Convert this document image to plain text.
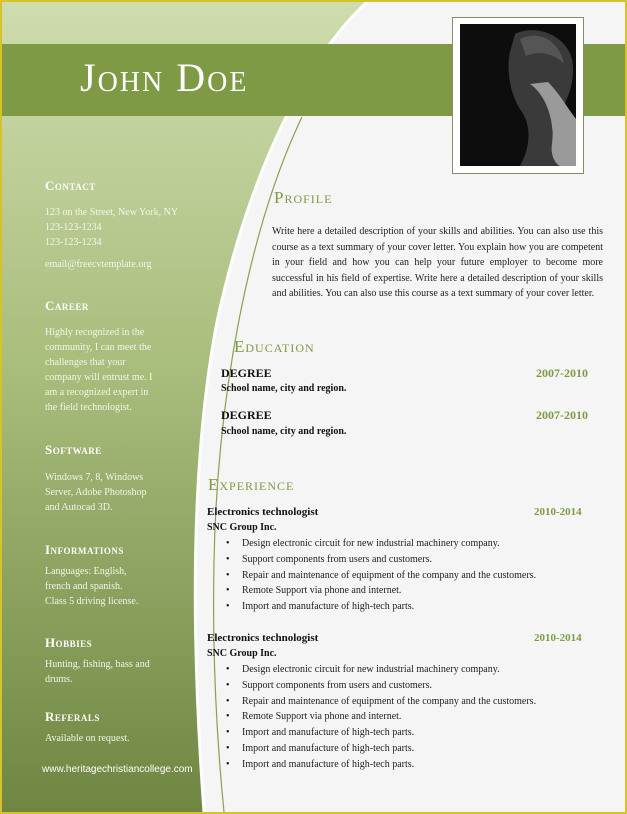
John Doe
Contact
123 on the Street, New York, NY
123-123-1234
123-123-1234
email@freecvtemplate.org
Career
Highly recognized in the
community, I can meet the
challenges that your
company will entrust me. I
am a recognized expert in
the field technologist.
Software
Windows 7, 8, Windows
Server, Adobe Photoshop
and Autocad 3D.
Informations
Languages: English,
french and spanish.
Class 5 driving license.
Hobbies
Hunting, fishing, bass and
drums.
Referals
Available on request.
www.heritagechristiancollege.com
Profile
Write here a detailed description of your skills and abilities. You can also use this course as a text summary of your cover letter. You explain how you are competent in your field and how you can help your future employer to become more successful in his field of expertise. Write here a detailed description of your skills and abilities. You can also use this course as a text summary of your cover letter.
Education
DEGREE	2007-2010
School name, city and region.
DEGREE	2007-2010
School name, city and region.
Experience
Electronics technologist	2010-2014
SNC Group Inc.
• Design electronic circuit for new industrial machinery company.
• Support components from users and customers.
• Repair and maintenance of equipment of the company and the customers.
• Remote Support via phone and internet.
• Import and manufacture of high-tech parts.
Electronics technologist	2010-2014
SNC Group Inc.
• Design electronic circuit for new industrial machinery company.
• Support components from users and customers.
• Repair and maintenance of equipment of the company and the customers.
• Remote Support via phone and internet.
• Import and manufacture of high-tech parts.
• Import and manufacture of high-tech parts.
• Import and manufacture of high-tech parts.
